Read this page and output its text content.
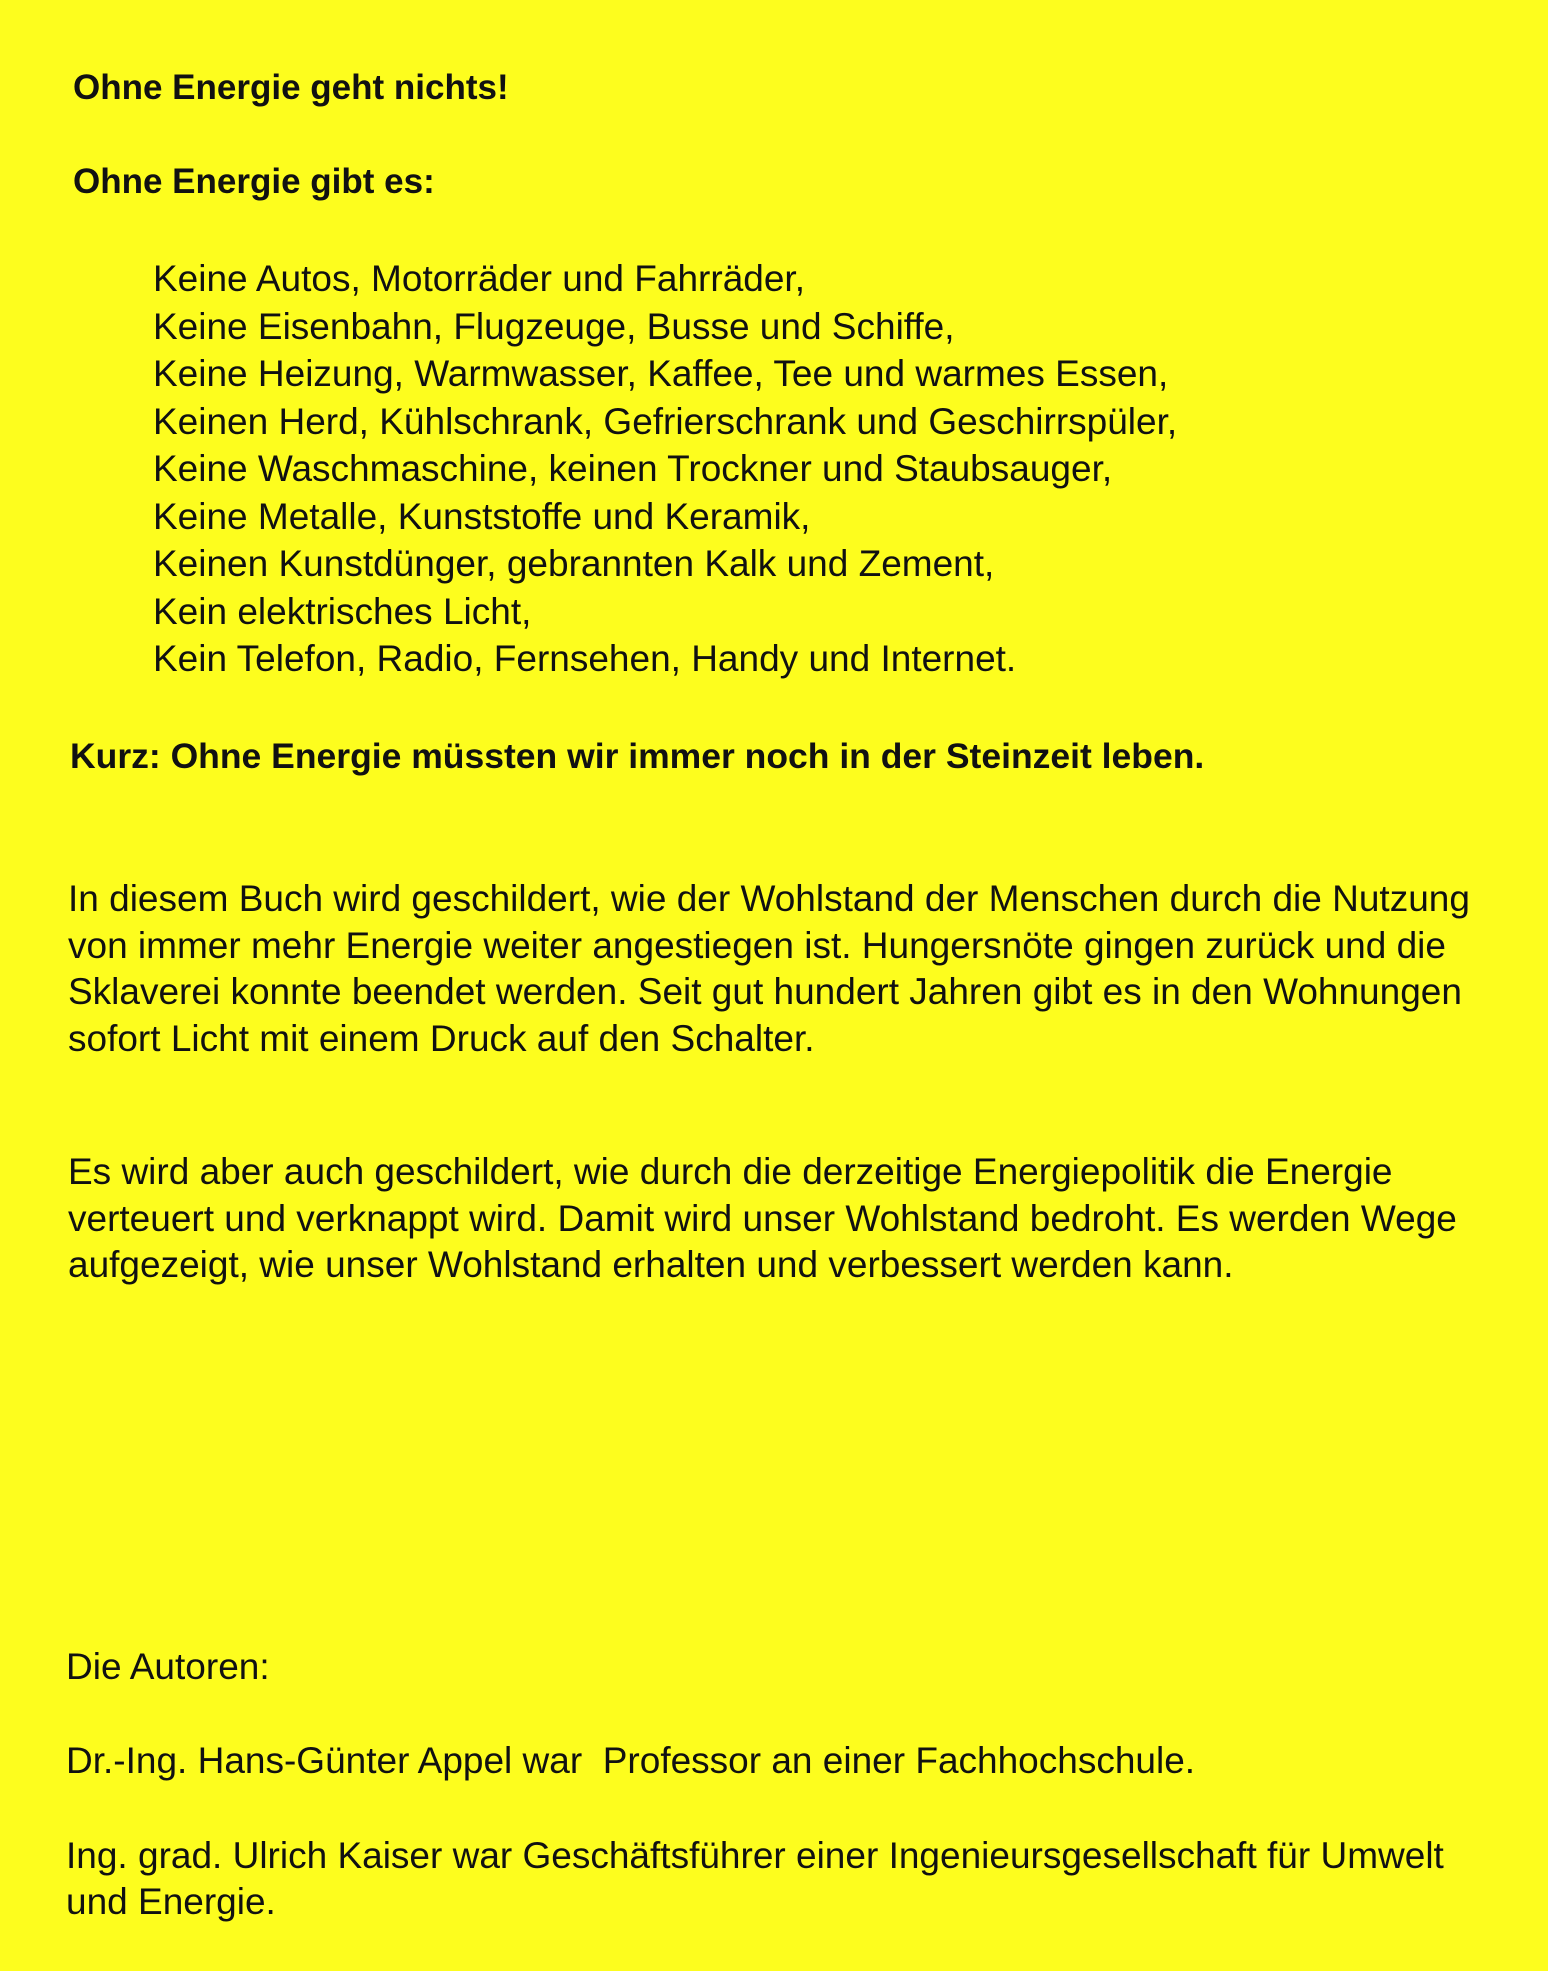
Ohne Energie geht nichts!

Ohne Energie gibt es:

Keine Autos, Motorräder und Fahrräder,
Keine Eisenbahn, Flugzeuge, Busse und Schiffe,
Keine Heizung, Warmwasser, Kaffee, Tee und warmes Essen,
Keinen Herd, Kühlschrank, Gefrierschrank und Geschirrspüler,
Keine Waschmaschine, keinen Trockner und Staubsauger,
Keine Metalle, Kunststoffe und Keramik,
Keinen Kunstdünger, gebrannten Kalk und Zement,
Kein elektrisches Licht,
Kein Telefon, Radio, Fernsehen, Handy und Internet.

Kurz: Ohne Energie müssten wir immer noch in der Steinzeit leben.

In diesem Buch wird geschildert, wie der Wohlstand der Menschen durch die Nutzung von immer mehr Energie weiter angestiegen ist. Hungersnöte gingen zurück und die Sklaverei konnte beendet werden. Seit gut hundert Jahren gibt es in den Wohnungen sofort Licht mit einem Druck auf den Schalter.

Es wird aber auch geschildert, wie durch die derzeitige Energiepolitik die Energie verteuert und verknappt wird. Damit wird unser Wohlstand bedroht. Es werden Wege aufgezeigt, wie unser Wohlstand erhalten und verbessert werden kann.

Die Autoren:

Dr.-Ing. Hans-Günter Appel war  Professor an einer Fachhochschule.

Ing. grad. Ulrich Kaiser war Geschäftsführer einer Ingenieursgesellschaft für Umwelt und Energie.
